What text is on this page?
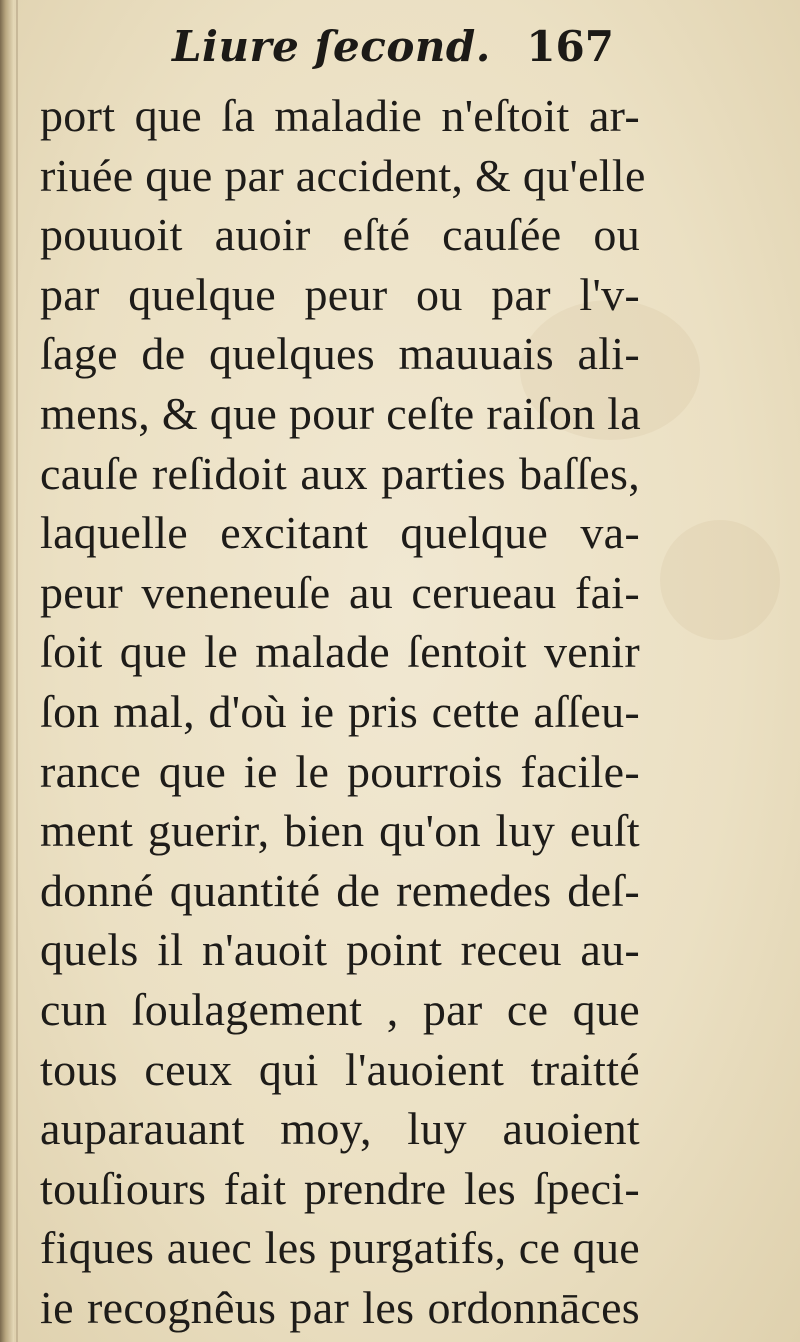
Liure ſecond. 167
port que ſa maladie n'eſtoit ar-
riuée que par accident, & qu'elle
pouuoit auoir eſté cauſée ou
par quelque peur ou par l'v-
ſage de quelques mauuais ali-
mens, & que pour ceſte raiſon la
cauſe reſidoit aux parties baſſes,
laquelle excitant quelque va-
peur veneneuſe au cerueau fai-
ſoit que le malade ſentoit venir
ſon mal, d'où ie pris cette aſſeu-
rance que ie le pourrois facile-
ment guerir, bien qu'on luy euſt
donné quantité de remedes deſ-
quels il n'auoit point receu au-
cun ſoulagement , par ce que
tous ceux qui l'auoient traitté
auparauant moy, luy auoient
touſiours fait prendre les ſpeci-
fiques auec les purgatifs, ce que
ie recognêus par les ordonnāces
